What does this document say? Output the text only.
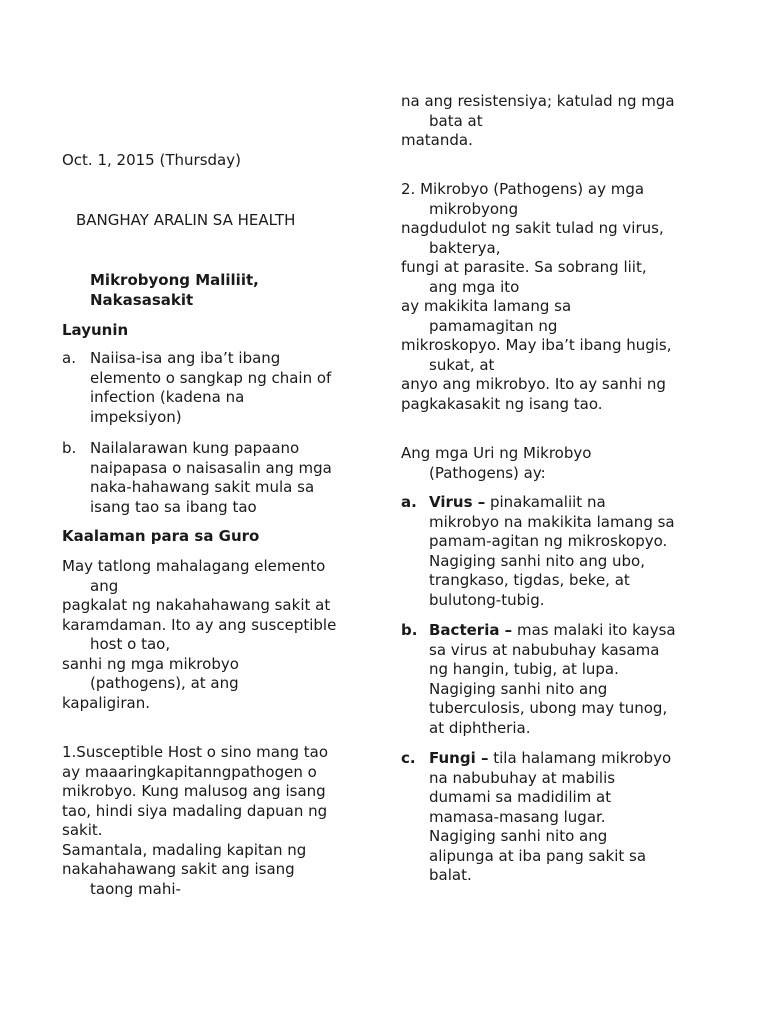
Oct. 1, 2015 (Thursday)

BANGHAY ARALIN SA HEALTH

Mikrobyong Maliliit,
Nakasasakit

Layunin

a. Naiisa-isa ang iba’t ibang
elemento o sangkap ng chain of
infection (kadena na
impeksiyon)
b. Nailalarawan kung papaano
naipapasa o naisasalin ang mga
naka-hahawang sakit mula sa
isang tao sa ibang tao

Kaalaman para sa Guro

May tatlong mahalagang elemento
ang
pagkalat ng nakahahawang sakit at
karamdaman. Ito ay ang susceptible
host o tao,
sanhi ng mga mikrobyo
(pathogens), at ang
kapaligiran.

1.Susceptible Host o sino mang tao
ay maaaringkapitanngpathogen o
mikrobyo. Kung malusog ang isang
tao, hindi siya madaling dapuan ng
sakit.
Samantala, madaling kapitan ng
nakahahawang sakit ang isang
taong mahi-

na ang resistensiya; katulad ng mga
bata at
matanda.

2. Mikrobyo (Pathogens) ay mga
mikrobyong
nagdudulot ng sakit tulad ng virus,
bakterya,
fungi at parasite. Sa sobrang liit,
ang mga ito
ay makikita lamang sa
pamamagitan ng
mikroskopyo. May iba’t ibang hugis,
sukat, at
anyo ang mikrobyo. Ito ay sanhi ng
pagkakasakit ng isang tao.

Ang mga Uri ng Mikrobyo
(Pathogens) ay:

a. Virus – pinakamaliit na
mikrobyo na makikita lamang sa
pamam-agitan ng mikroskopyo.
Nagiging sanhi nito ang ubo,
trangkaso, tigdas, beke, at
bulutong-tubig.
b. Bacteria – mas malaki ito kaysa
sa virus at nabubuhay kasama
ng hangin, tubig, at lupa.
Nagiging sanhi nito ang
tuberculosis, ubong may tunog,
at diphtheria.
c. Fungi – tila halamang mikrobyo
na nabubuhay at mabilis
dumami sa madidilim at
mamasa-masang lugar.
Nagiging sanhi nito ang
alipunga at iba pang sakit sa
balat.
